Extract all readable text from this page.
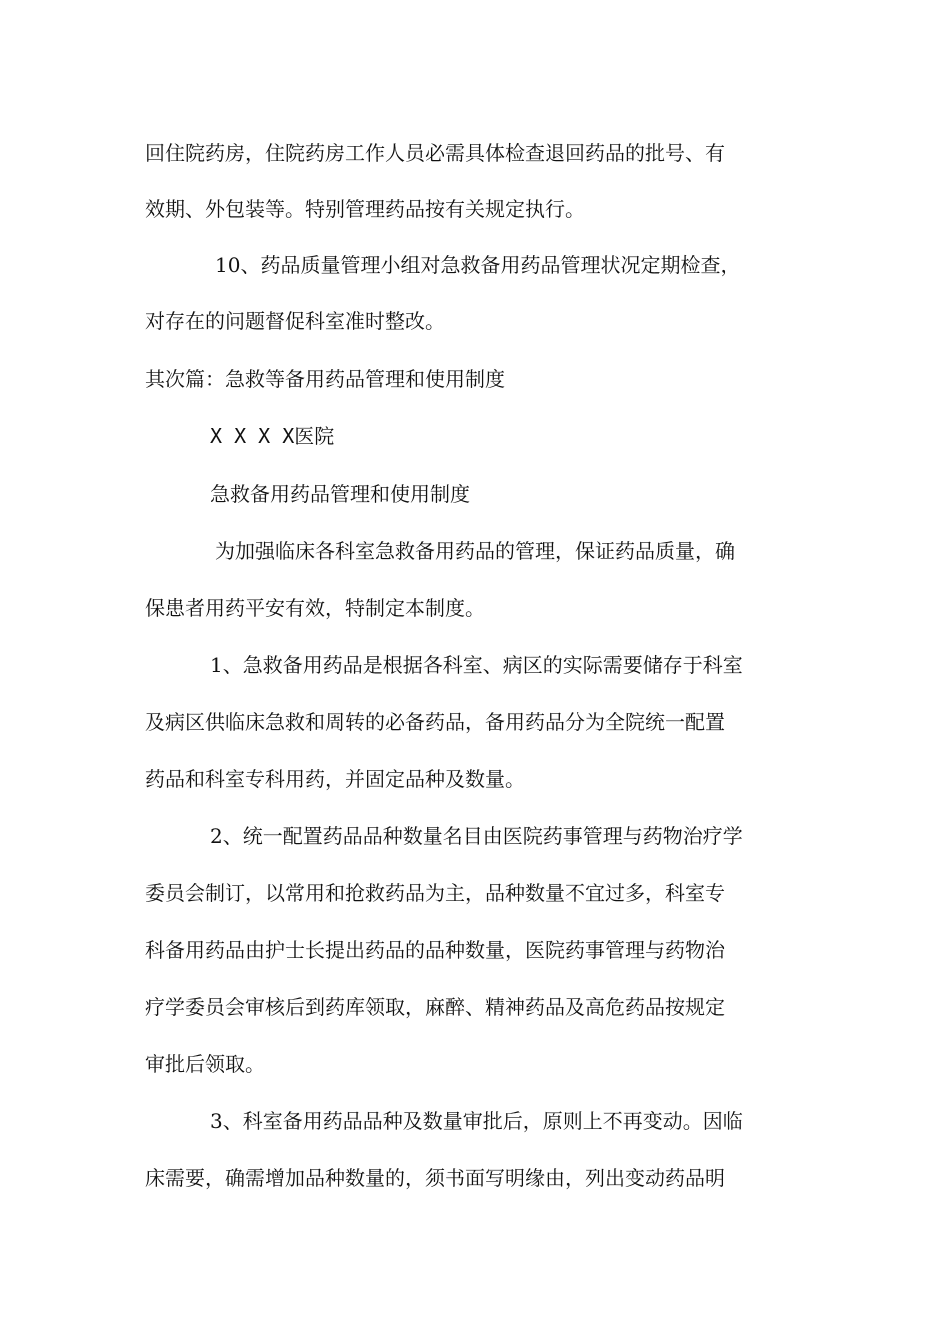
回住院药房，住院药房工作人员必需具体检查退回药品的批号、有
效期、外包装等。特别管理药品按有关规定执行。
10、药品质量管理小组对急救备用药品管理状况定期检查，
对存在的问题督促科室准时整改。
其次篇：急救等备用药品管理和使用制度
X X X X医院
急救备用药品管理和使用制度
为加强临床各科室急救备用药品的管理，保证药品质量，确
保患者用药平安有效，特制定本制度。
1、急救备用药品是根据各科室、病区的实际需要储存于科室
及病区供临床急救和周转的必备药品，备用药品分为全院统一配置
药品和科室专科用药，并固定品种及数量。
2、统一配置药品品种数量名目由医院药事管理与药物治疗学
委员会制订，以常用和抢救药品为主，品种数量不宜过多，科室专
科备用药品由护士长提出药品的品种数量，医院药事管理与药物治
疗学委员会审核后到药库领取，麻醉、精神药品及高危药品按规定
审批后领取。
3、科室备用药品品种及数量审批后，原则上不再变动。因临
床需要，确需增加品种数量的，须书面写明缘由，列出变动药品明
